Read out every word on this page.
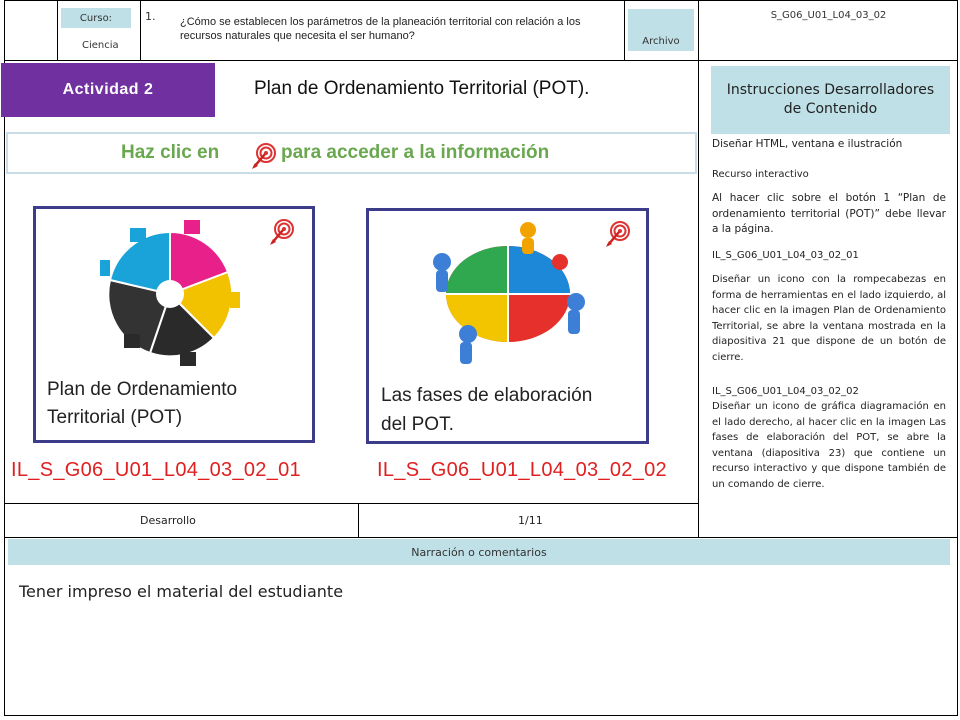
Curso:
Ciencia
1. ¿Cómo se establecen los parámetros de la planeación territorial con relación a los recursos naturales que necesita el ser humano?	Archivo
S_G06_U01_L04_03_02
Actividad 2	Plan de Ordenamiento Territorial (POT).
Haz clic en	para acceder a la información
Plan de Ordenamiento
Territorial (POT)
IL_S_G06_U01_L04_03_02_01
Las fases de elaboración
del POT.
IL_S_G06_U01_L04_03_02_02
Desarrollo	1/11
Instrucciones Desarrolladores de Contenido
Diseñar HTML, ventana e ilustración
Recurso interactivo
Al hacer clic sobre el botón 1 “Plan de ordenamiento territorial (POT)” debe llevar a la página.
IL_S_G06_U01_L04_03_02_01
Diseñar un icono con la rompecabezas en forma de herramientas en el lado izquierdo, al hacer clic en la imagen Plan de Ordenamiento Territorial, se abre la ventana mostrada en la diapositiva 21 que dispone de un botón de cierre.
IL_S_G06_U01_L04_03_02_02
Diseñar un icono de gráfica diagramación en el lado derecho, al hacer clic en la imagen Las fases de elaboración del POT, se abre la ventana (diapositiva 23) que contiene un recurso interactivo y que dispone también de un comando de cierre.
Narración o comentarios
Tener impreso el material del estudiante
